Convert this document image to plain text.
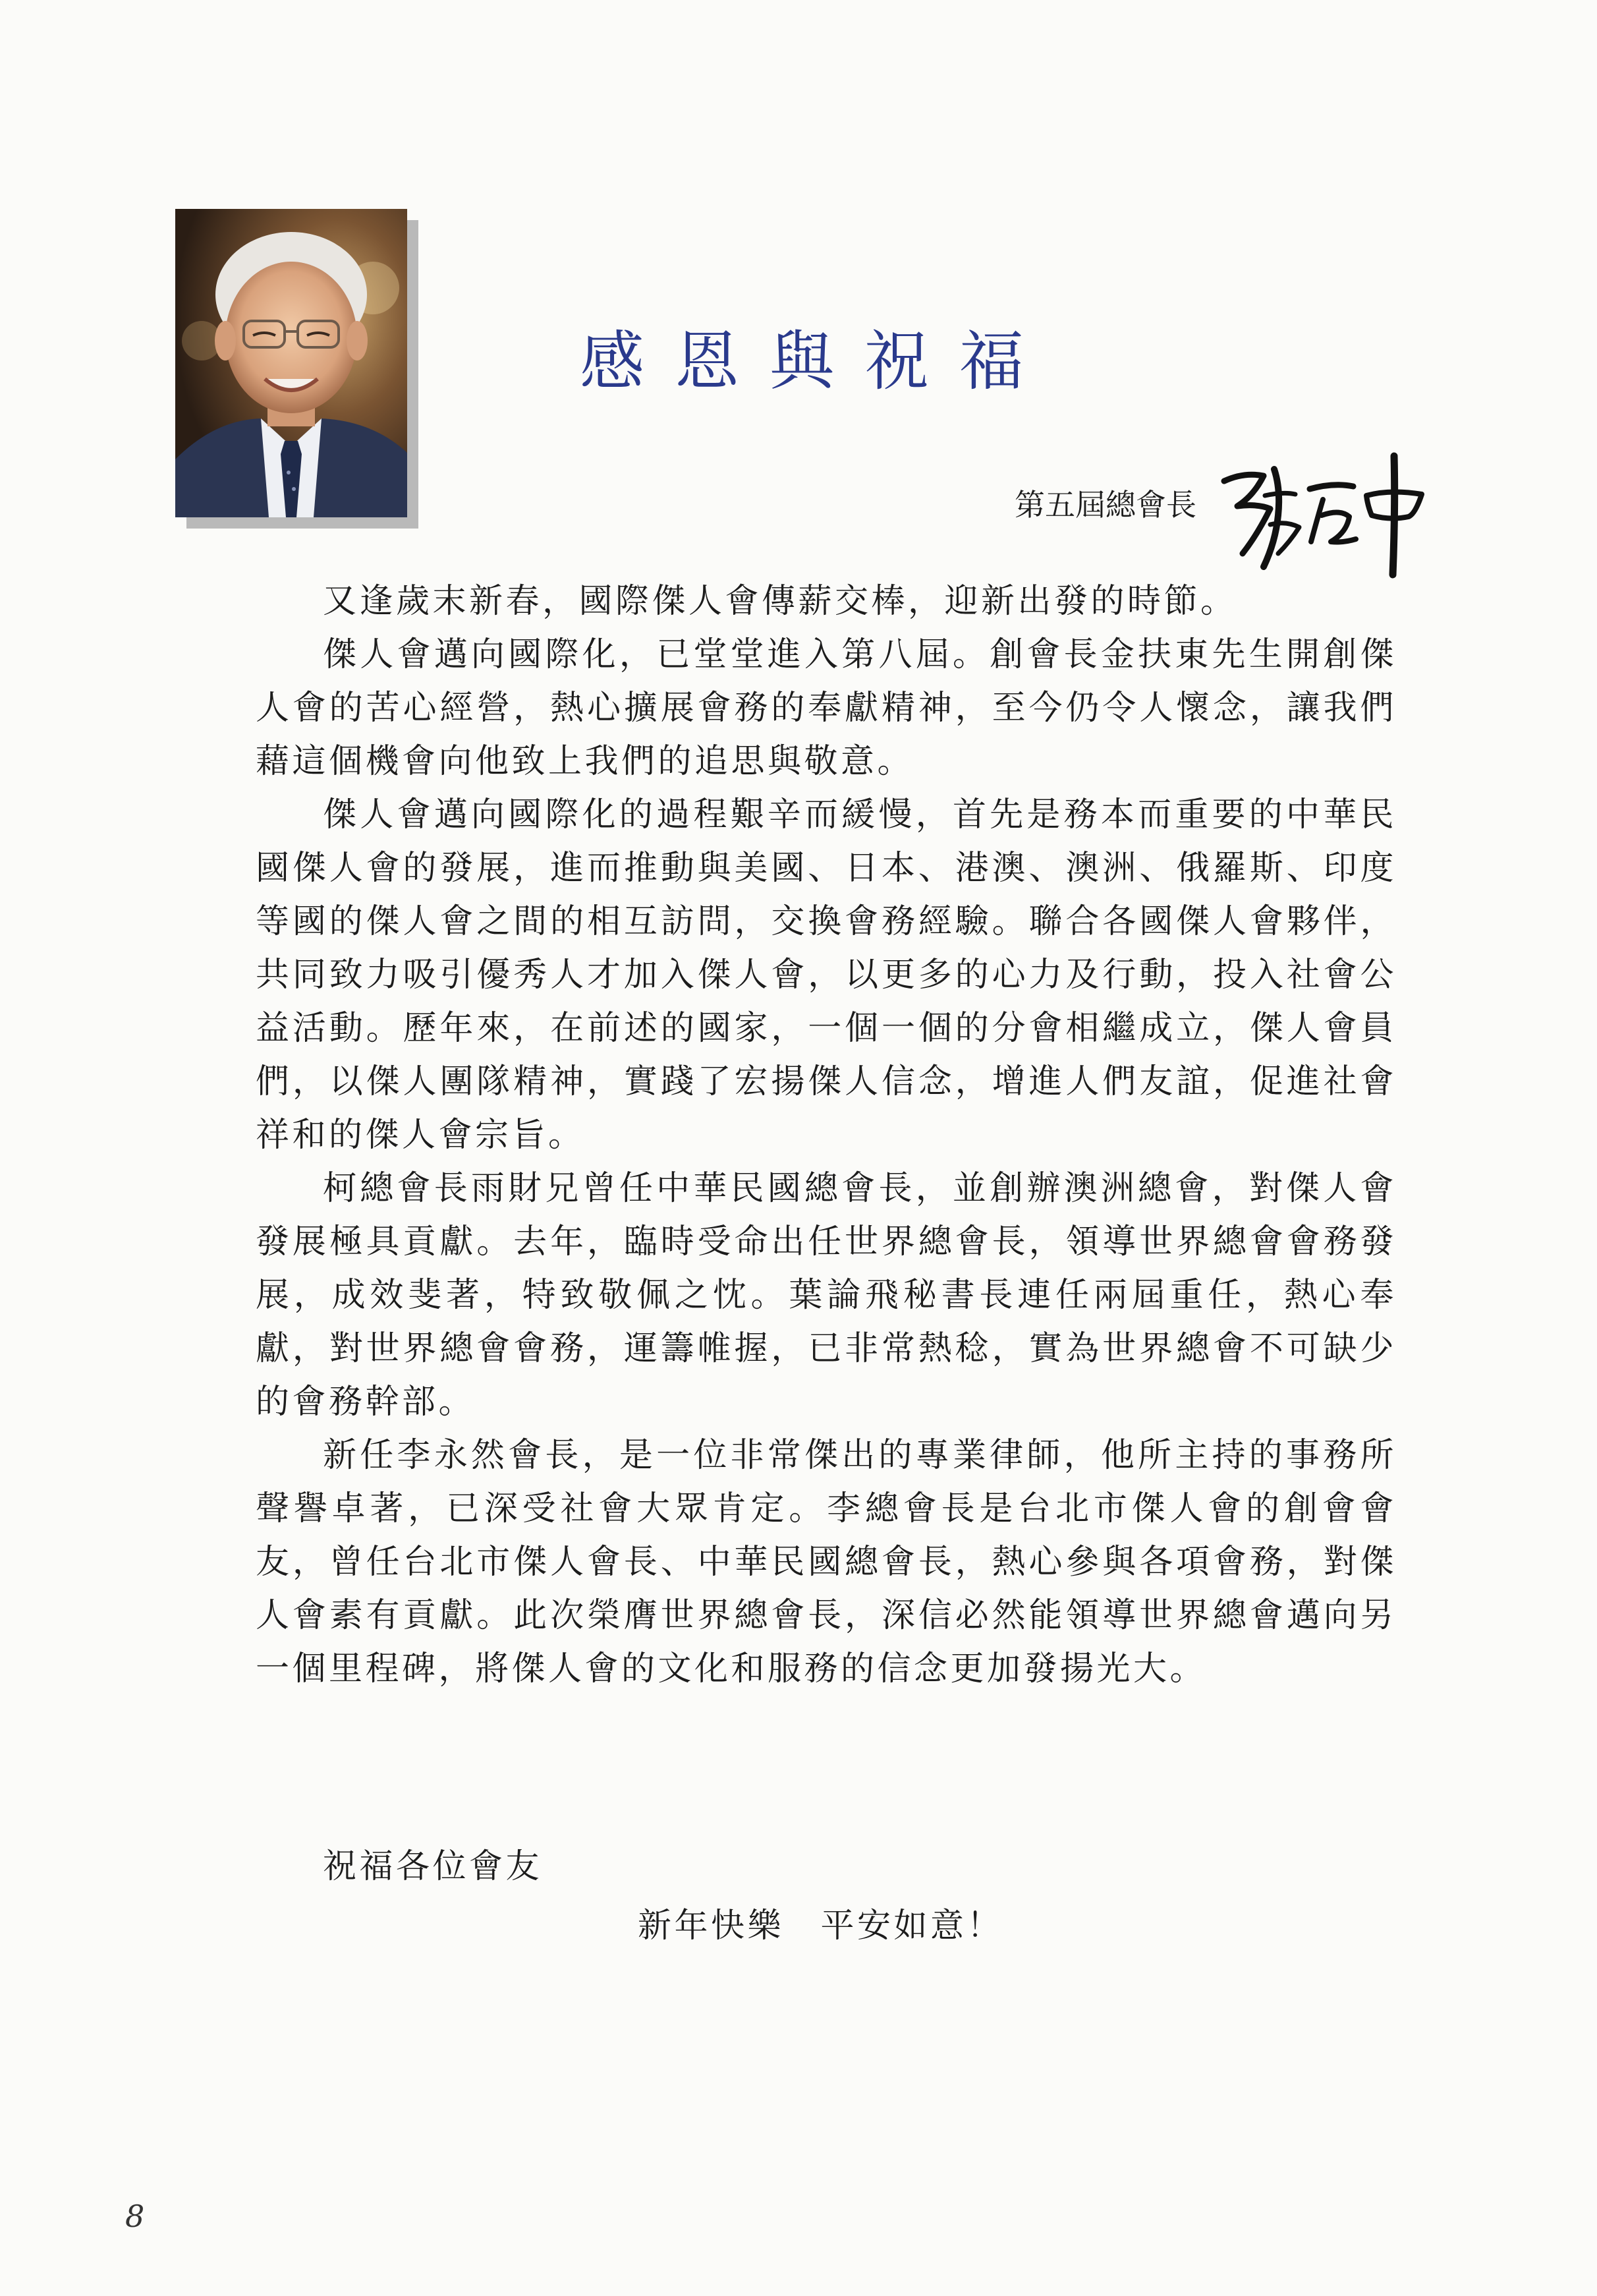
感恩與祝福
第五屆總會長

又逢歲末新春，國際傑人會傳薪交棒，迎新出發的時節。

傑人會邁向國際化，已堂堂進入第八屆。創會長金扶東先生開創傑人會的苦心經營，熱心擴展會務的奉獻精神，至今仍令人懷念，讓我們藉這個機會向他致上我們的追思與敬意。

傑人會邁向國際化的過程艱辛而緩慢，首先是務本而重要的中華民國傑人會的發展，進而推動與美國、日本、港澳、澳洲、俄羅斯、印度等國的傑人會之間的相互訪問，交換會務經驗。聯合各國傑人會夥伴，共同致力吸引優秀人才加入傑人會，以更多的心力及行動，投入社會公益活動。歷年來，在前述的國家，一個一個的分會相繼成立，傑人會員們，以傑人團隊精神，實踐了宏揚傑人信念，增進人們友誼，促進社會祥和的傑人會宗旨。

柯總會長雨財兄曾任中華民國總會長，並創辦澳洲總會，對傑人會發展極具貢獻。去年，臨時受命出任世界總會長，領導世界總會會務發展，成效斐著，特致敬佩之忱。葉論飛秘書長連任兩屆重任，熱心奉獻，對世界總會會務，運籌帷握，已非常熱稔，實為世界總會不可缺少的會務幹部。

新任李永然會長，是一位非常傑出的專業律師，他所主持的事務所聲譽卓著，已深受社會大眾肯定。李總會長是台北市傑人會的創會會友，曾任台北市傑人會長、中華民國總會長，熱心參與各項會務，對傑人會素有貢獻。此次榮膺世界總會長，深信必然能領導世界總會邁向另一個里程碑，將傑人會的文化和服務的信念更加發揚光大。

祝福各位會友
新年快樂　平安如意！
8
